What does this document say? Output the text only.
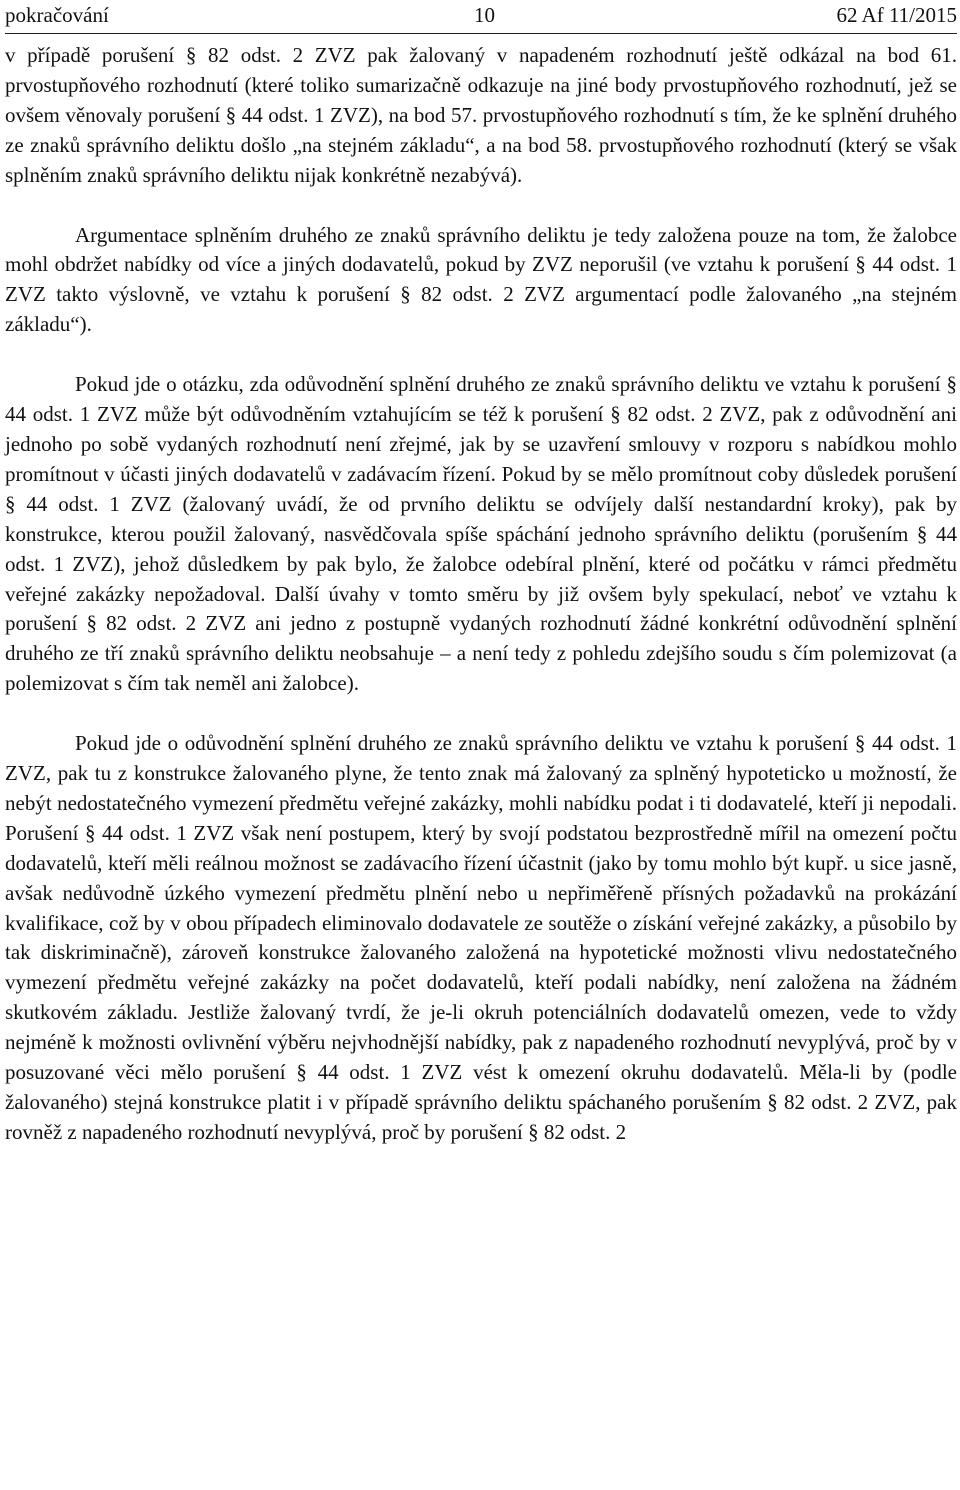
pokračování	10	62 Af 11/2015

v případě porušení § 82 odst. 2 ZVZ pak žalovaný v napadeném rozhodnutí ještě odkázal na bod 61. prvostupňového rozhodnutí (které toliko sumarizačně odkazuje na jiné body prvostupňového rozhodnutí, jež se ovšem věnovaly porušení § 44 odst. 1 ZVZ), na bod 57. prvostupňového rozhodnutí s tím, že ke splnění druhého ze znaků správního deliktu došlo „na stejném základu“, a na bod 58. prvostupňového rozhodnutí (který se však splněním znaků správního deliktu nijak konkrétně nezabývá).

Argumentace splněním druhého ze znaků správního deliktu je tedy založena pouze na tom, že žalobce mohl obdržet nabídky od více a jiných dodavatelů, pokud by ZVZ neporušil (ve vztahu k porušení § 44 odst. 1 ZVZ takto výslovně, ve vztahu k porušení § 82 odst. 2 ZVZ argumentací podle žalovaného „na stejném základu“).

Pokud jde o otázku, zda odůvodnění splnění druhého ze znaků správního deliktu ve vztahu k porušení § 44 odst. 1 ZVZ může být odůvodněním vztahujícím se též k porušení § 82 odst. 2 ZVZ, pak z odůvodnění ani jednoho po sobě vydaných rozhodnutí není zřejmé, jak by se uzavření smlouvy v rozporu s nabídkou mohlo promítnout v účasti jiných dodavatelů v zadávacím řízení. Pokud by se mělo promítnout coby důsledek porušení § 44 odst. 1 ZVZ (žalovaný uvádí, že od prvního deliktu se odvíjely další nestandardní kroky), pak by konstrukce, kterou použil žalovaný, nasvědčovala spíše spáchání jednoho správního deliktu (porušením § 44 odst. 1 ZVZ), jehož důsledkem by pak bylo, že žalobce odebíral plnění, které od počátku v rámci předmětu veřejné zakázky nepožadoval. Další úvahy v tomto směru by již ovšem byly spekulací, neboť ve vztahu k porušení § 82 odst. 2 ZVZ ani jedno z postupně vydaných rozhodnutí žádné konkrétní odůvodnění splnění druhého ze tří znaků správního deliktu neobsahuje – a není tedy z pohledu zdejšího soudu s čím polemizovat (a polemizovat s čím tak neměl ani žalobce).

Pokud jde o odůvodnění splnění druhého ze znaků správního deliktu ve vztahu k porušení § 44 odst. 1 ZVZ, pak tu z konstrukce žalovaného plyne, že tento znak má žalovaný za splněný hypoteticko u možností, že nebýt nedostatečného vymezení předmětu veřejné zakázky, mohli nabídku podat i ti dodavatelé, kteří ji nepodali. Porušení § 44 odst. 1 ZVZ však není postupem, který by svojí podstatou bezprostředně mířil na omezení počtu dodavatelů, kteří měli reálnou možnost se zadávacího řízení účastnit (jako by tomu mohlo být kupř. u sice jasně, avšak nedůvodně úzkého vymezení předmětu plnění nebo u nepřiměřeně přísných požadavků na prokázání kvalifikace, což by v obou případech eliminovalo dodavatele ze soutěže o získání veřejné zakázky, a působilo by tak diskriminačně), zároveň konstrukce žalovaného založená na hypotetické možnosti vlivu nedostatečného vymezení předmětu veřejné zakázky na počet dodavatelů, kteří podali nabídky, není založena na žádném skutkovém základu. Jestliže žalovaný tvrdí, že je-li okruh potenciálních dodavatelů omezen, vede to vždy nejméně k možnosti ovlivnění výběru nejvhodnější nabídky, pak z napadeného rozhodnutí nevyplývá, proč by v posuzované věci mělo porušení § 44 odst. 1 ZVZ vést k omezení okruhu dodavatelů. Měla-li by (podle žalovaného) stejná konstrukce platit i v případě správního deliktu spáchaného porušením § 82 odst. 2 ZVZ, pak rovněž z napadeného rozhodnutí nevyplývá, proč by porušení § 82 odst. 2
